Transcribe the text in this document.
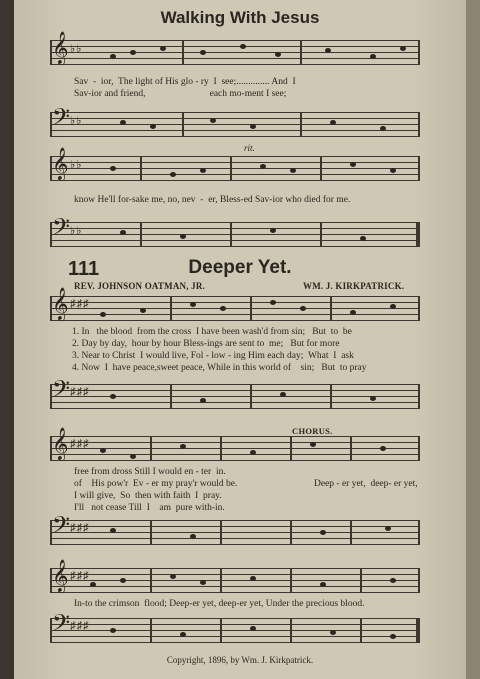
Walking With Jesus
𝄞 ♭♭
Sav  -  ior,  The light of His glo - ry  I  see;.............. And  I
Sav-ior and friend,                           each mo-ment I see;
𝄢 ♭♭
rit.
𝄞 ♭♭
know He'll for-sake me, no, nev  -  er, Bless-ed Sav-ior who died for me.
𝄢 ♭♭
111	Deeper Yet.
REV. JOHNSON OATMAN, JR.	WM. J. KIRKPATRICK.
𝄞 ♯♯♯
1. In   the blood  from the cross  I have been wash'd from sin;   But  to  be
2. Day by day,  hour by hour Bless-ings are sent to  me;   But for more
3. Near to Christ  I would live, Fol - low - ing Him each day;  What  I  ask
4. Now  I  have peace,sweet peace, While in this world of    sin;   But  to pray
𝄢 ♯♯♯
CHORUS.
𝄞 ♯♯♯
free from dross Still I would en - ter  in.
of    His pow'r  Ev - er my pray'r would be.	Deep - er yet,  deep- er yet,
I will give,  So  then with faith  I  pray.
I'll   not cease Till  I    am  pure with-in.
𝄢 ♯♯♯
𝄞 ♯♯♯
In-to the crimson  flood; Deep-er yet, deep-er yet, Under the precious blood.
𝄢 ♯♯♯
Copyright, 1896, by Wm. J. Kirkpatrick.
